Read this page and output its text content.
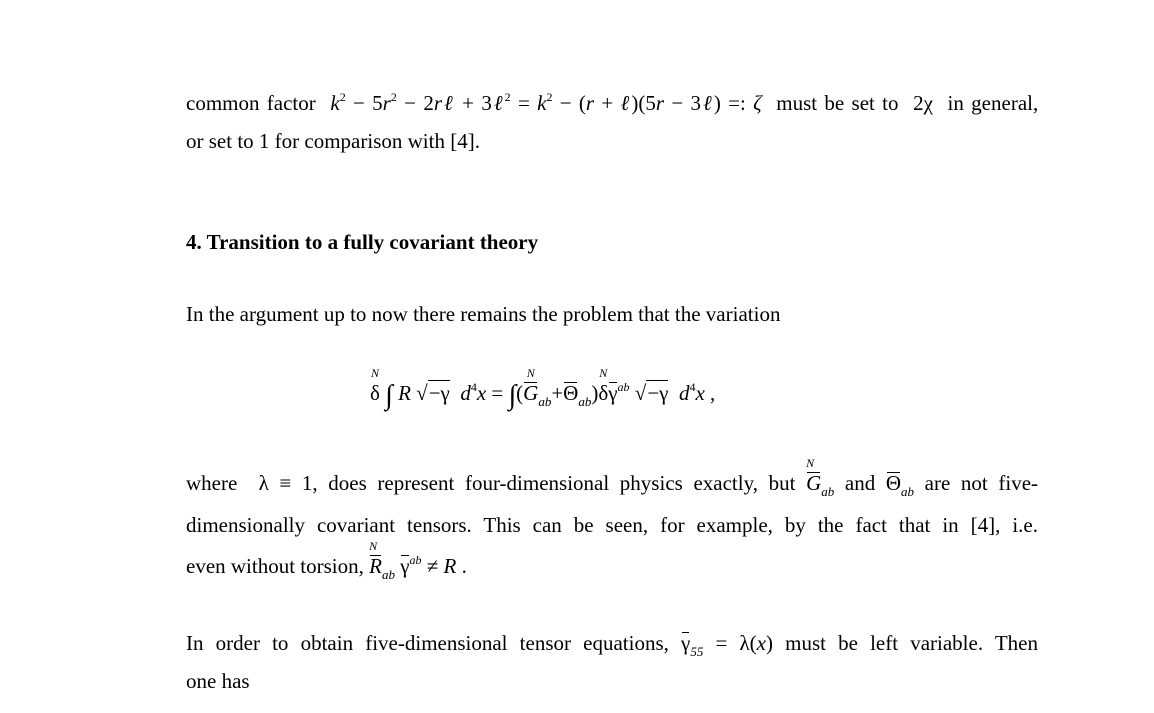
common factor  $k^2 - 5r^2$ − 2rℓ + 3ℓ$^2$ = $k^2 - (r$ + ℓ)(5r − 3ℓ) =: ζ  must be set to  2χ  in general,
or set to 1 for comparison with [4].
4. Transition to a fully covariant theory
In the argument up to now there remains the problem that the variation
N
δ ∫ R √−γ  $d^4x$ = ∫(
N
$G_{ab}+\Theta_{ab}$)
N
$\delta\gamma^{ab}$ √−γ  $d^4x$ ,
where  λ ≡ 1, does represent four-dimensional physics exactly, but
N
$G_{ab}$ and $\Theta_{ab}$ are not five-
dimensionally covariant tensors. This can be seen, for example, by the fact that in [4], i.e.
even without torsion,
N
$R_{ab}$ $\gamma^{ab} \ne R$ .
In order to obtain five-dimensional tensor equations, $\gamma_{55} = \lambda(x)$ must be left variable. Then
one has
